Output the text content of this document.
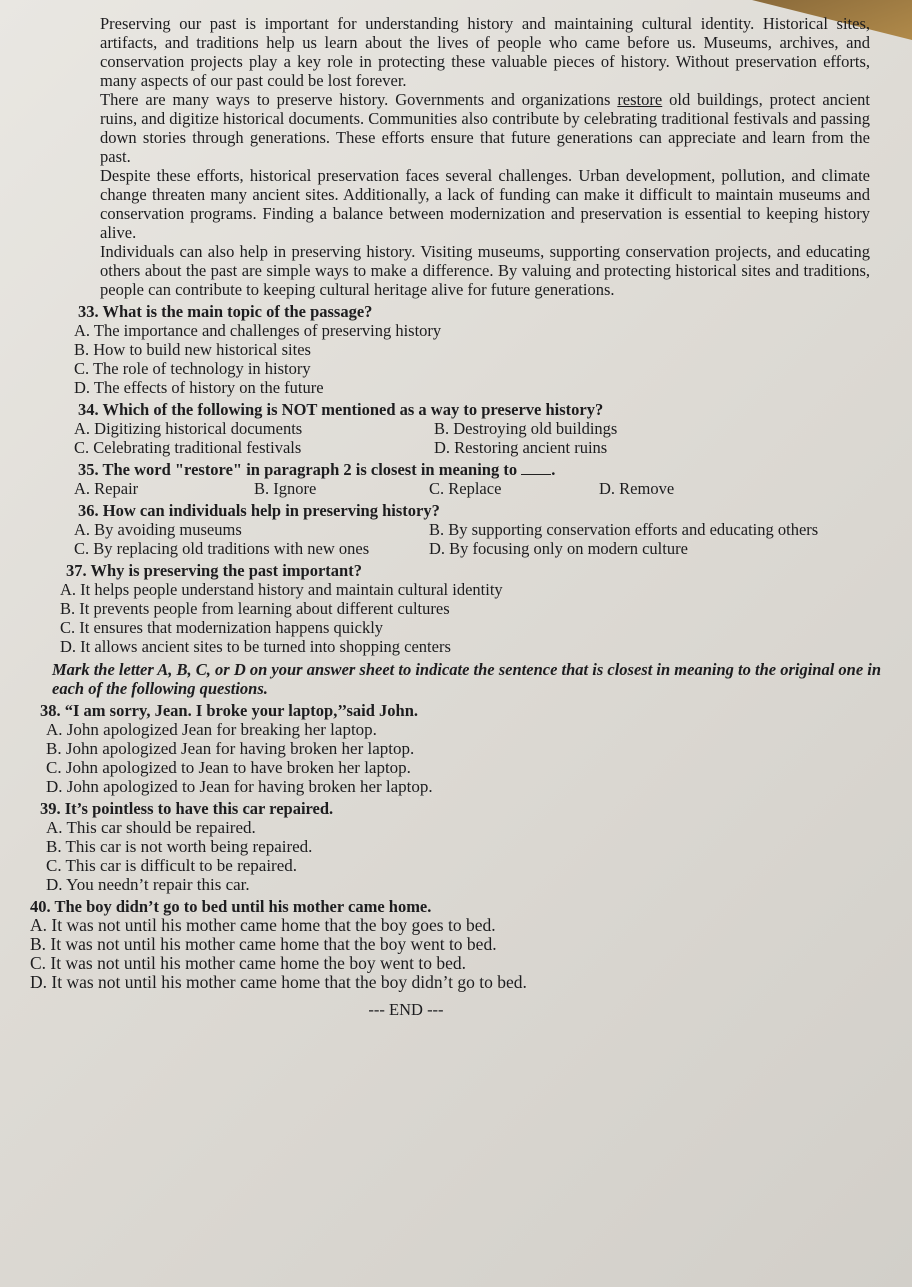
Preserving our past is important for understanding history and maintaining cultural identity. Historical sites, artifacts, and traditions help us learn about the lives of people who came before us. Museums, archives, and conservation projects play a key role in protecting these valuable pieces of history. Without preservation efforts, many aspects of our past could be lost forever.

There are many ways to preserve history. Governments and organizations restore old buildings, protect ancient ruins, and digitize historical documents. Communities also contribute by celebrating traditional festivals and passing down stories through generations. These efforts ensure that future generations can appreciate and learn from the past.

Despite these efforts, historical preservation faces several challenges. Urban development, pollution, and climate change threaten many ancient sites. Additionally, a lack of funding can make it difficult to maintain museums and conservation programs. Finding a balance between modernization and preservation is essential to keeping history alive.

Individuals can also help in preserving history. Visiting museums, supporting conservation projects, and educating others about the past are simple ways to make a difference. By valuing and protecting historical sites and traditions, people can contribute to keeping cultural heritage alive for future generations.

33. What is the main topic of the passage?
A. The importance and challenges of preserving history
B. How to build new historical sites
C. The role of technology in history
D. The effects of history on the future
34. Which of the following is NOT mentioned as a way to preserve history?
A. Digitizing historical documents	B. Destroying old buildings
C. Celebrating traditional festivals	D. Restoring ancient ruins
35. The word "restore" in paragraph 2 is closest in meaning to .
A. Repair	B. Ignore	C. Replace	D. Remove
36. How can individuals help in preserving history?
A. By avoiding museums	B. By supporting conservation efforts and educating others
C. By replacing old traditions with new ones	D. By focusing only on modern culture
37. Why is preserving the past important?
A. It helps people understand history and maintain cultural identity
B. It prevents people from learning about different cultures
C. It ensures that modernization happens quickly
D. It allows ancient sites to be turned into shopping centers
Mark the letter A, B, C, or D on your answer sheet to indicate the sentence that is closest in meaning to the original one in each of the following questions.
38. “I am sorry, Jean. I broke your laptop,’’said John.
A. John apologized Jean for breaking her laptop.
B. John apologized Jean for having broken her laptop.
C. John apologized to Jean to have broken her laptop.
D. John apologized to Jean for having broken her laptop.
39. It’s pointless to have this car repaired.
A. This car should be repaired.
B. This car is not worth being repaired.
C. This car is difficult to be repaired.
D. You needn’t repair this car.
40. The boy didn’t go to bed until his mother came home.
A. It was not until his mother came home that the boy goes to bed.
B. It was not until his mother came home that the boy went to bed.
C. It was not until his mother came home the boy went to bed.
D. It was not until his mother came home that the boy didn’t go to bed.
--- END ---
